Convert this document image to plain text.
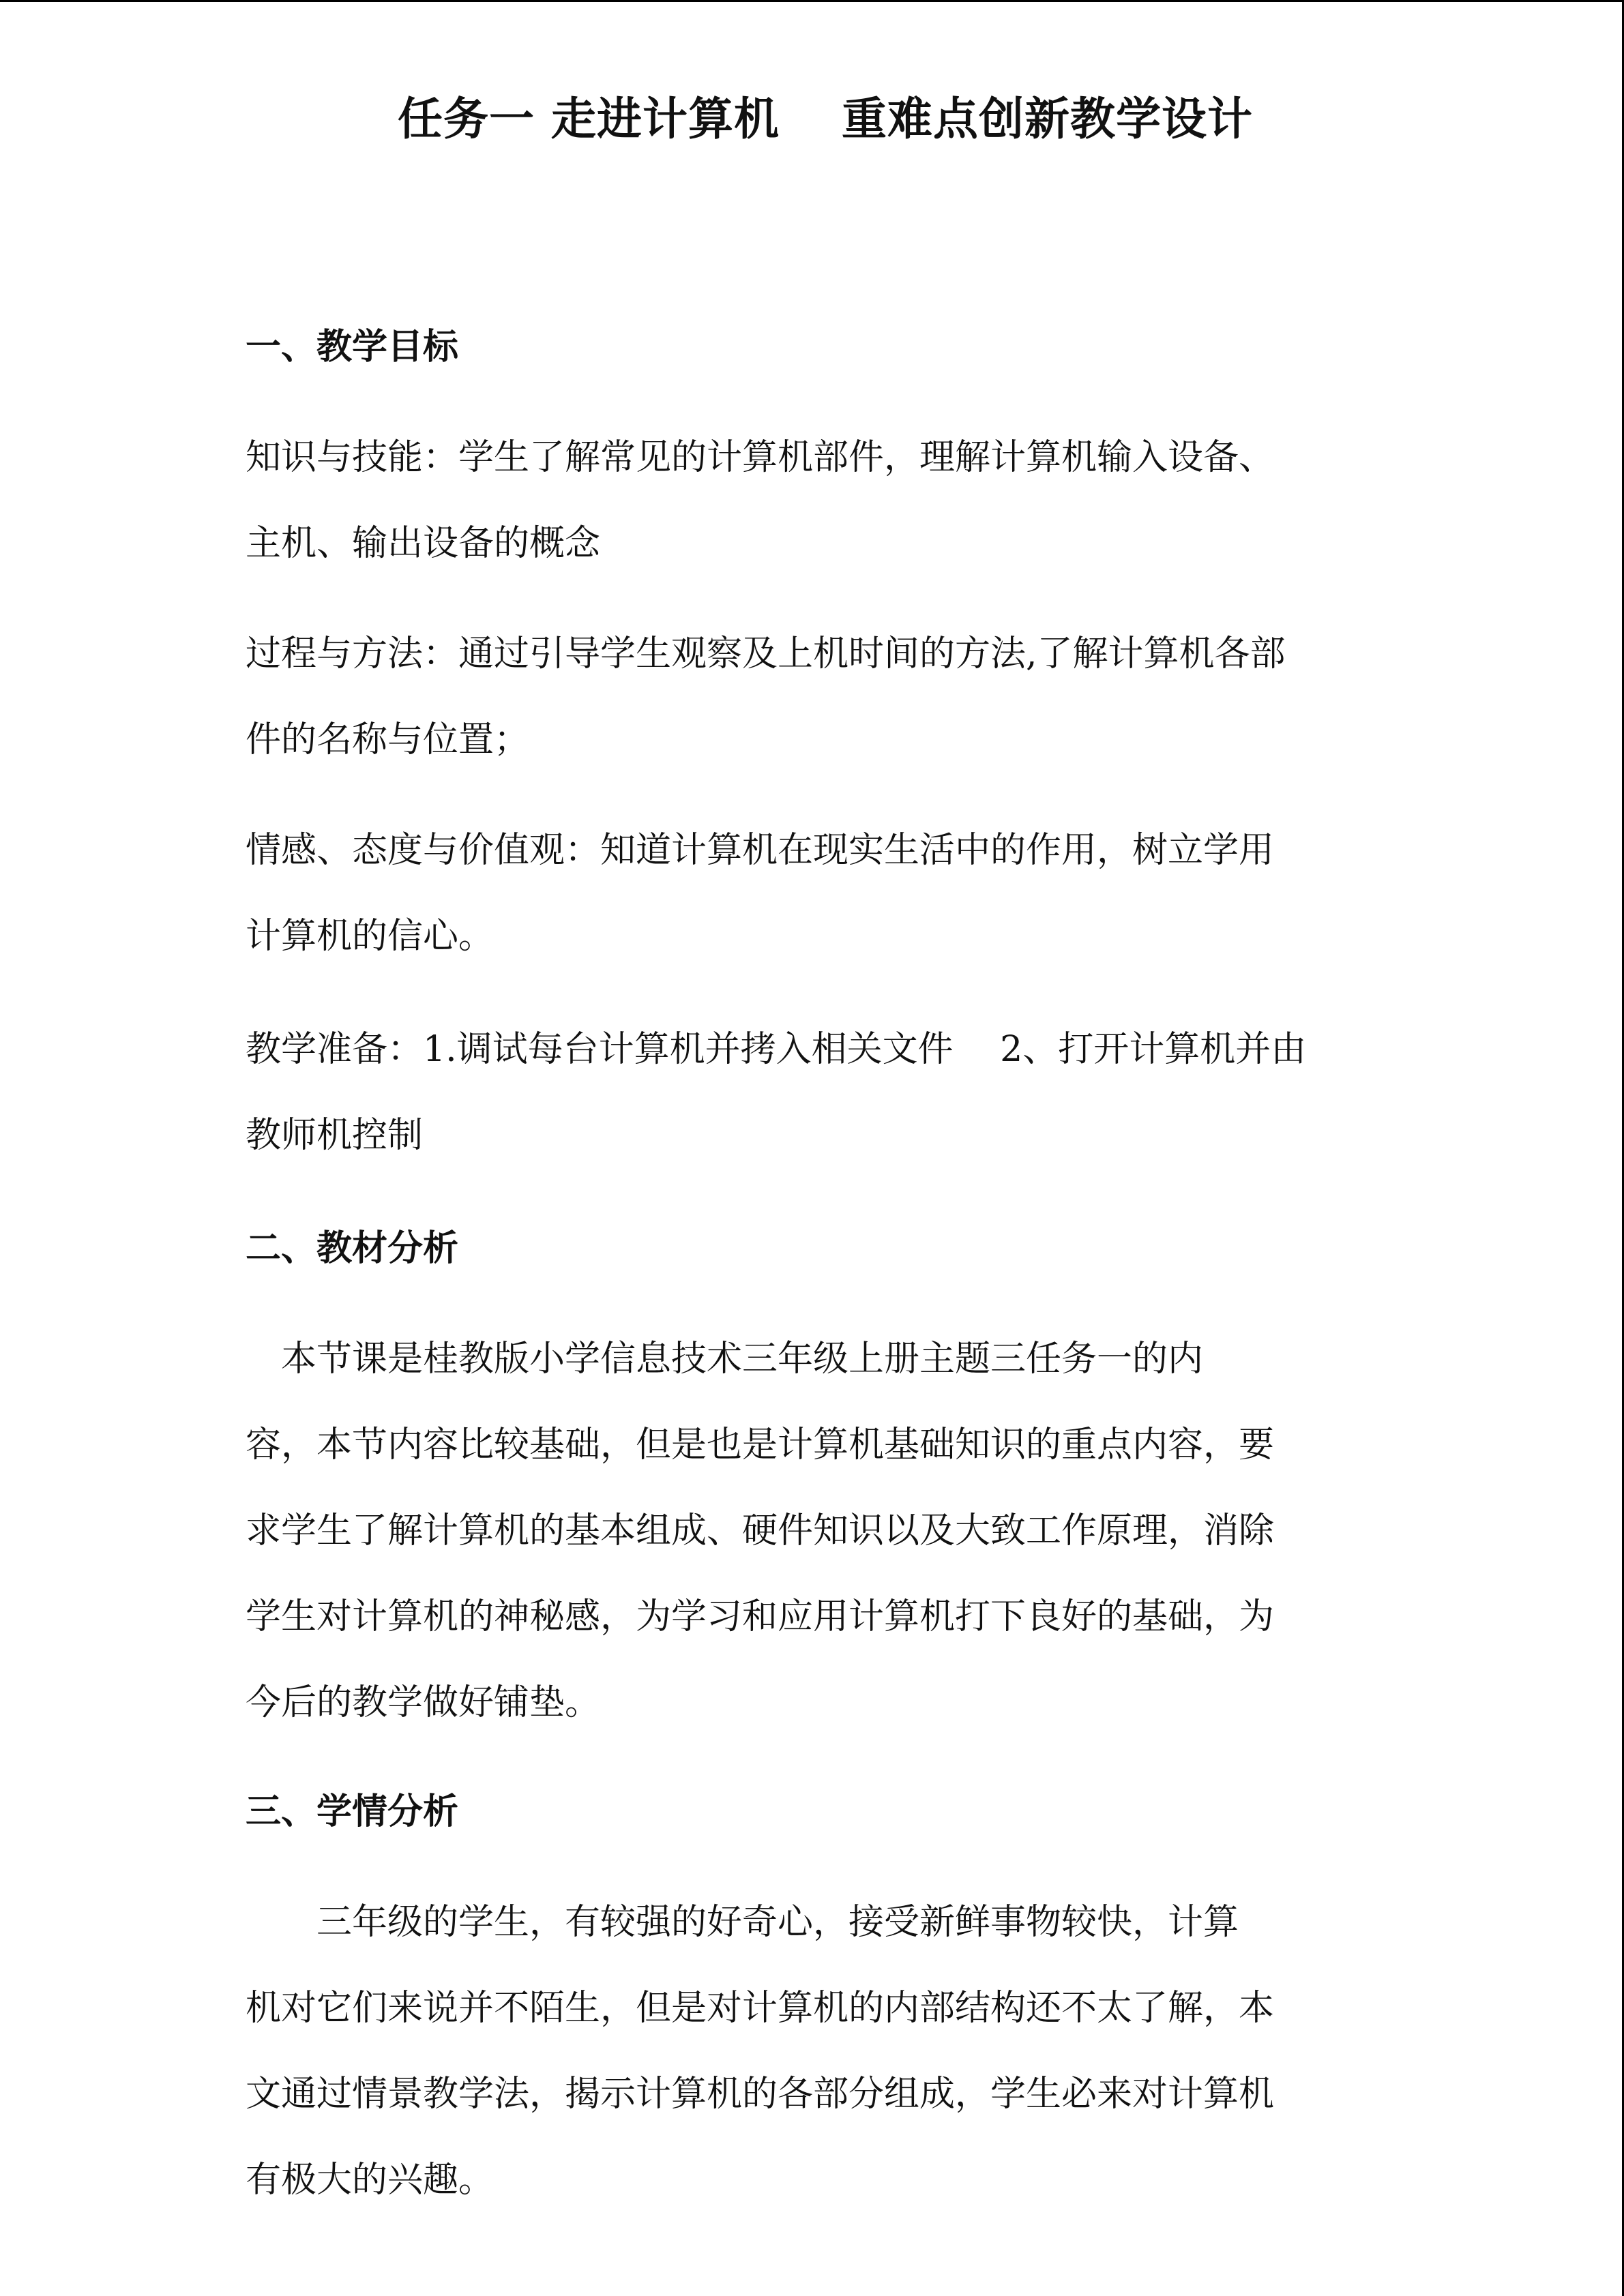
任务一 走进计算机　 重难点创新教学设计
一、教学目标
知识与技能：学生了解常见的计算机部件，理解计算机输入设备、
主机、输出设备的概念
过程与方法：通过引导学生观察及上机时间的方法,了解计算机各部
件的名称与位置；
情感、态度与价值观：知道计算机在现实生活中的作用，树立学用
计算机的信心。
教学准备：1.调试每台计算机并拷入相关文件　 2、打开计算机并由
教师机控制
二、教材分析
　本节课是桂教版小学信息技术三年级上册主题三任务一的内
容，本节内容比较基础，但是也是计算机基础知识的重点内容，要
求学生了解计算机的基本组成、硬件知识以及大致工作原理，消除
学生对计算机的神秘感，为学习和应用计算机打下良好的基础，为
今后的教学做好铺垫。
三、学情分析
　　三年级的学生，有较强的好奇心，接受新鲜事物较快，计算
机对它们来说并不陌生，但是对计算机的内部结构还不太了解，本
文通过情景教学法，揭示计算机的各部分组成，学生必来对计算机
有极大的兴趣。
